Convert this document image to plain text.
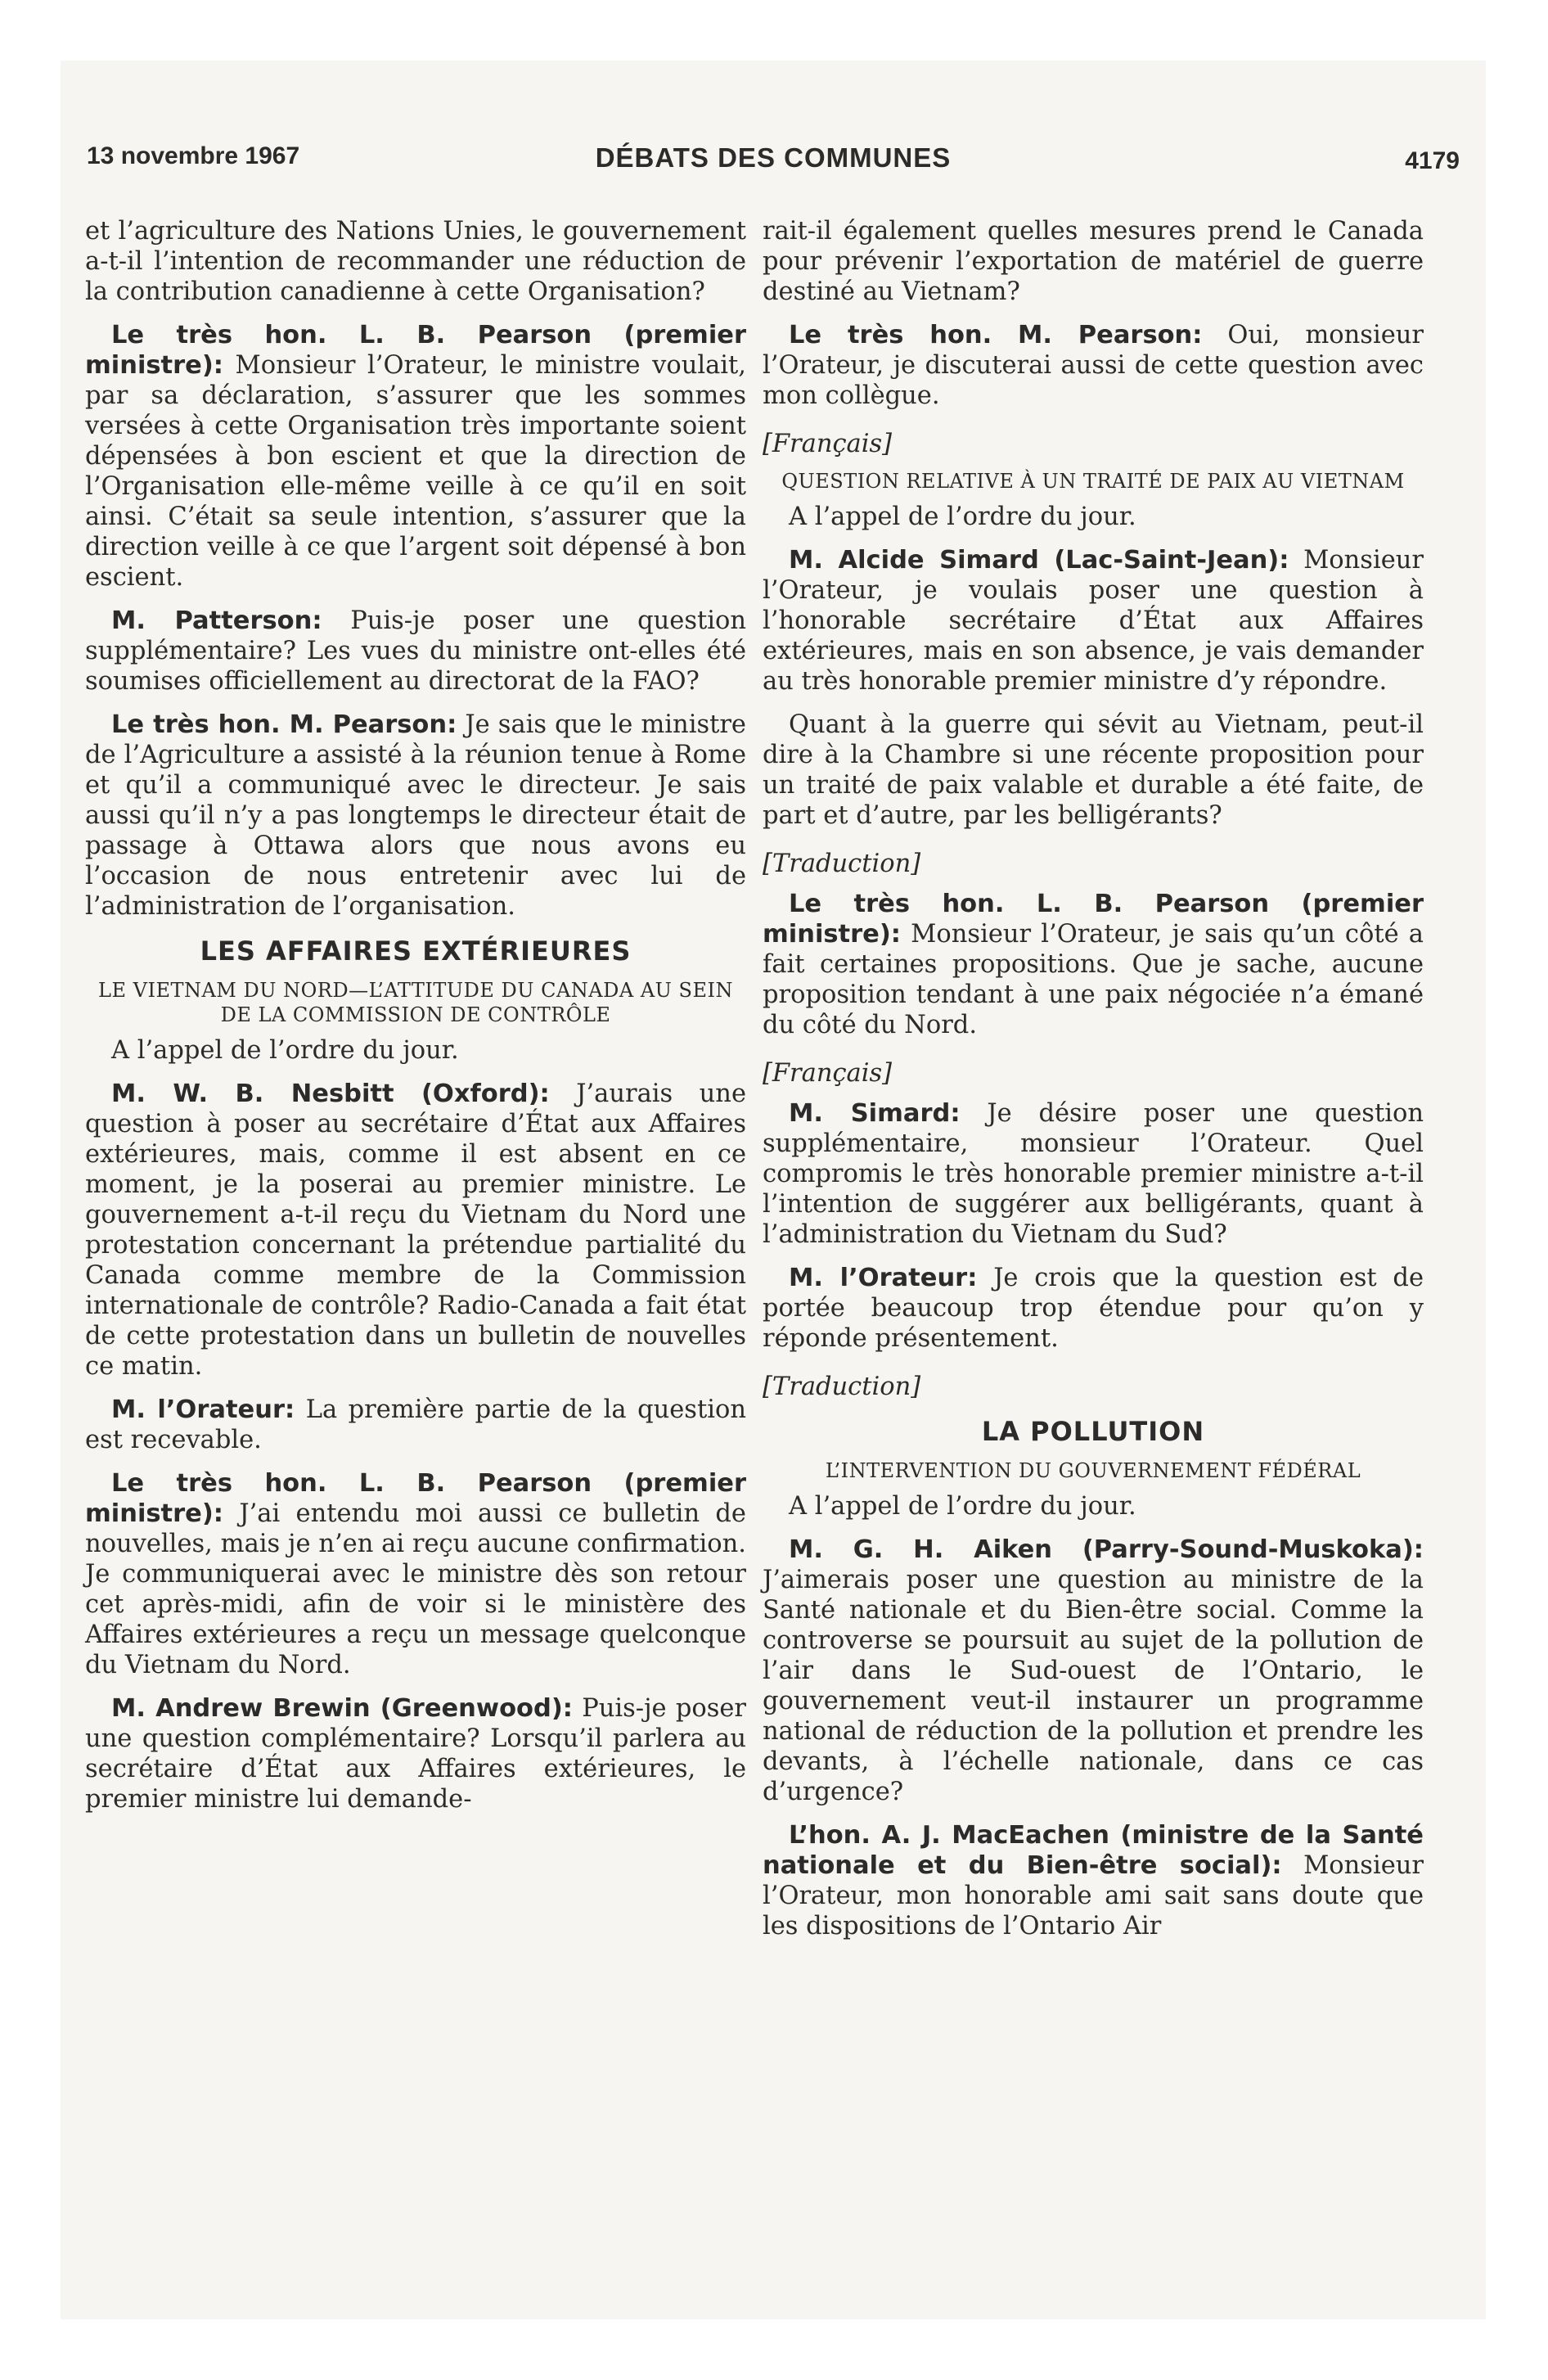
13 novembre 1967	DÉBATS DES COMMUNES	4179

et l’agriculture des Nations Unies, le gouvernement a-t-il l’intention de recommander une réduction de la contribution canadienne à cette Organisation?

Le très hon. L. B. Pearson (premier ministre): Monsieur l’Orateur, le ministre voulait, par sa déclaration, s’assurer que les sommes versées à cette Organisation très importante soient dépensées à bon escient et que la direction de l’Organisation elle-même veille à ce qu’il en soit ainsi. C’était sa seule intention, s’assurer que la direction veille à ce que l’argent soit dépensé à bon escient.

M. Patterson: Puis-je poser une question supplémentaire? Les vues du ministre ont-elles été soumises officiellement au directorat de la FAO?

Le très hon. M. Pearson: Je sais que le ministre de l’Agriculture a assisté à la réunion tenue à Rome et qu’il a communiqué avec le directeur. Je sais aussi qu’il n’y a pas longtemps le directeur était de passage à Ottawa alors que nous avons eu l’occasion de nous entretenir avec lui de l’administration de l’organisation.

LES AFFAIRES EXTÉRIEURES
LE VIETNAM DU NORD—L’ATTITUDE DU CANADA AU SEIN DE LA COMMISSION DE CONTRÔLE

A l’appel de l’ordre du jour.

M. W. B. Nesbitt (Oxford): J’aurais une question à poser au secrétaire d’État aux Affaires extérieures, mais, comme il est absent en ce moment, je la poserai au premier ministre. Le gouvernement a-t-il reçu du Vietnam du Nord une protestation concernant la prétendue partialité du Canada comme membre de la Commission internationale de contrôle? Radio-Canada a fait état de cette protestation dans un bulletin de nouvelles ce matin.

M. l’Orateur: La première partie de la question est recevable.

Le très hon. L. B. Pearson (premier ministre): J’ai entendu moi aussi ce bulletin de nouvelles, mais je n’en ai reçu aucune confirmation. Je communiquerai avec le ministre dès son retour cet après-midi, afin de voir si le ministère des Affaires extérieures a reçu un message quelconque du Vietnam du Nord.

M. Andrew Brewin (Greenwood): Puis-je poser une question complémentaire? Lorsqu’il parlera au secrétaire d’État aux Affaires extérieures, le premier ministre lui demande-

rait-il également quelles mesures prend le Canada pour prévenir l’exportation de matériel de guerre destiné au Vietnam?

Le très hon. M. Pearson: Oui, monsieur l’Orateur, je discuterai aussi de cette question avec mon collègue.

[Français]
QUESTION RELATIVE À UN TRAITÉ DE PAIX AU VIETNAM

A l’appel de l’ordre du jour.

M. Alcide Simard (Lac-Saint-Jean): Monsieur l’Orateur, je voulais poser une question à l’honorable secrétaire d’État aux Affaires extérieures, mais en son absence, je vais demander au très honorable premier ministre d’y répondre.

Quant à la guerre qui sévit au Vietnam, peut-il dire à la Chambre si une récente proposition pour un traité de paix valable et durable a été faite, de part et d’autre, par les belligérants?

[Traduction]

Le très hon. L. B. Pearson (premier ministre): Monsieur l’Orateur, je sais qu’un côté a fait certaines propositions. Que je sache, aucune proposition tendant à une paix négociée n’a émané du côté du Nord.

[Français]

M. Simard: Je désire poser une question supplémentaire, monsieur l’Orateur. Quel compromis le très honorable premier ministre a-t-il l’intention de suggérer aux belligérants, quant à l’administration du Vietnam du Sud?

M. l’Orateur: Je crois que la question est de portée beaucoup trop étendue pour qu’on y réponde présentement.

[Traduction]
LA POLLUTION
L’INTERVENTION DU GOUVERNEMENT FÉDÉRAL

A l’appel de l’ordre du jour.

M. G. H. Aiken (Parry-Sound-Muskoka): J’aimerais poser une question au ministre de la Santé nationale et du Bien-être social. Comme la controverse se poursuit au sujet de la pollution de l’air dans le Sud-ouest de l’Ontario, le gouvernement veut-il instaurer un programme national de réduction de la pollution et prendre les devants, à l’échelle nationale, dans ce cas d’urgence?

L’hon. A. J. MacEachen (ministre de la Santé nationale et du Bien-être social): Monsieur l’Orateur, mon honorable ami sait sans doute que les dispositions de l’Ontario Air
